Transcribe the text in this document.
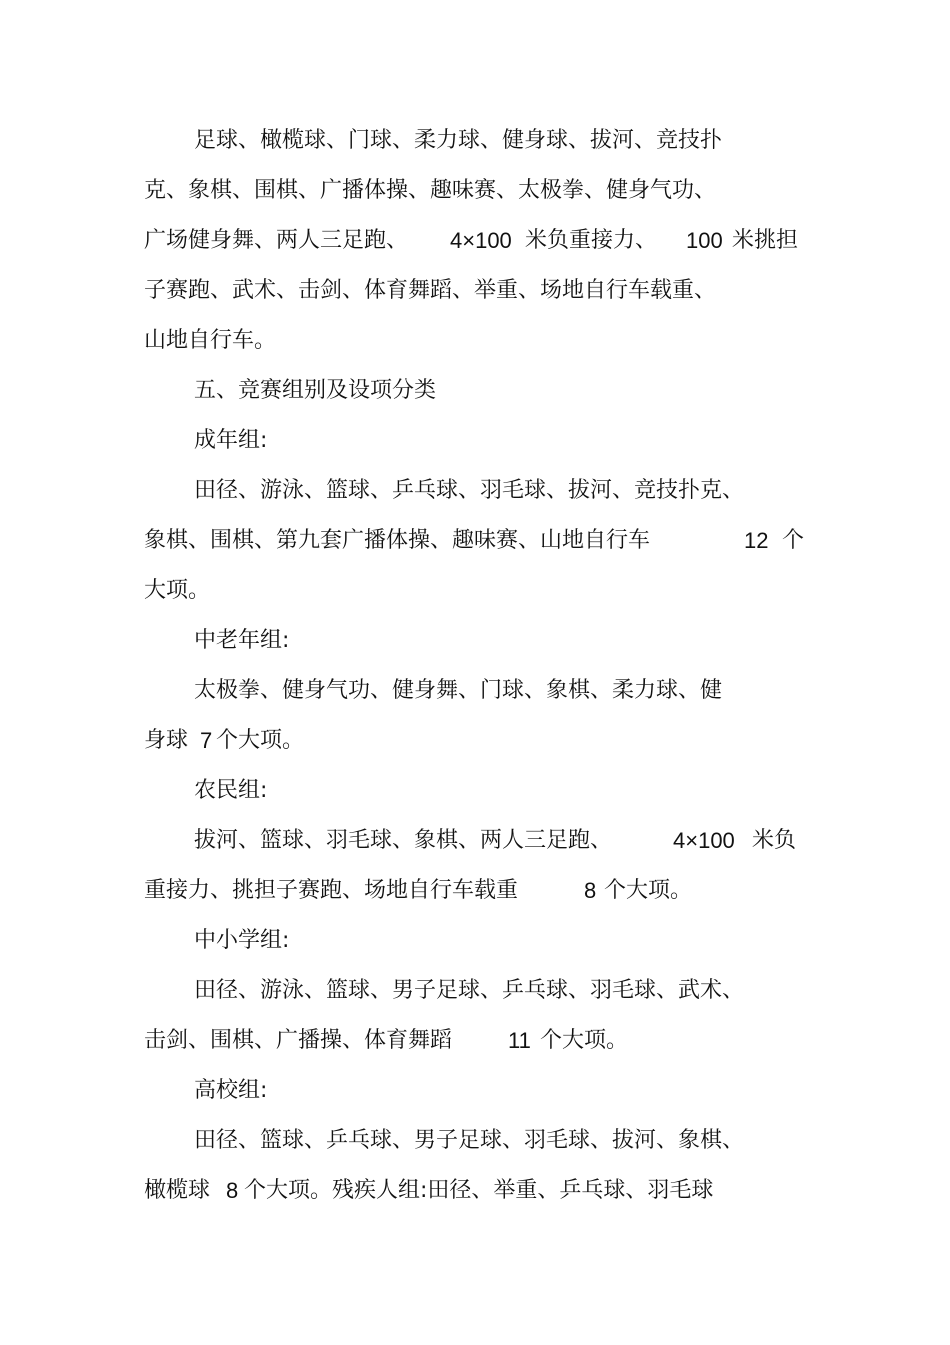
足球、橄榄球、门球、柔力球、健身球、拔河、竞技扑
克、象棋、围棋、广播体操、趣味赛、太极拳、健身气功、
广场健身舞、两人三足跑、 4×100 米负重接力、 100 米挑担
子赛跑、武术、击剑、体育舞蹈、举重、场地自行车载重、
山地自行车。
五、竞赛组别及设项分类
成年组:
田径、游泳、篮球、乒乓球、羽毛球、拔河、竞技扑克、
象棋、围棋、第九套广播体操、趣味赛、山地自行车	12 个
大项。
中老年组:
太极拳、健身气功、健身舞、门球、象棋、柔力球、健
身球 7 个大项。
农民组:
拔河、篮球、羽毛球、象棋、两人三足跑、	4×100 米负
重接力、挑担子赛跑、场地自行车载重	8 个大项。
中小学组:
田径、游泳、篮球、男子足球、乒乓球、羽毛球、武术、
击剑、围棋、广播操、体育舞蹈	11 个大项。
高校组:
田径、篮球、乒乓球、男子足球、羽毛球、拔河、象棋、
橄榄球 8 个大项。残疾人组:田径、举重、乒乓球、羽毛球
